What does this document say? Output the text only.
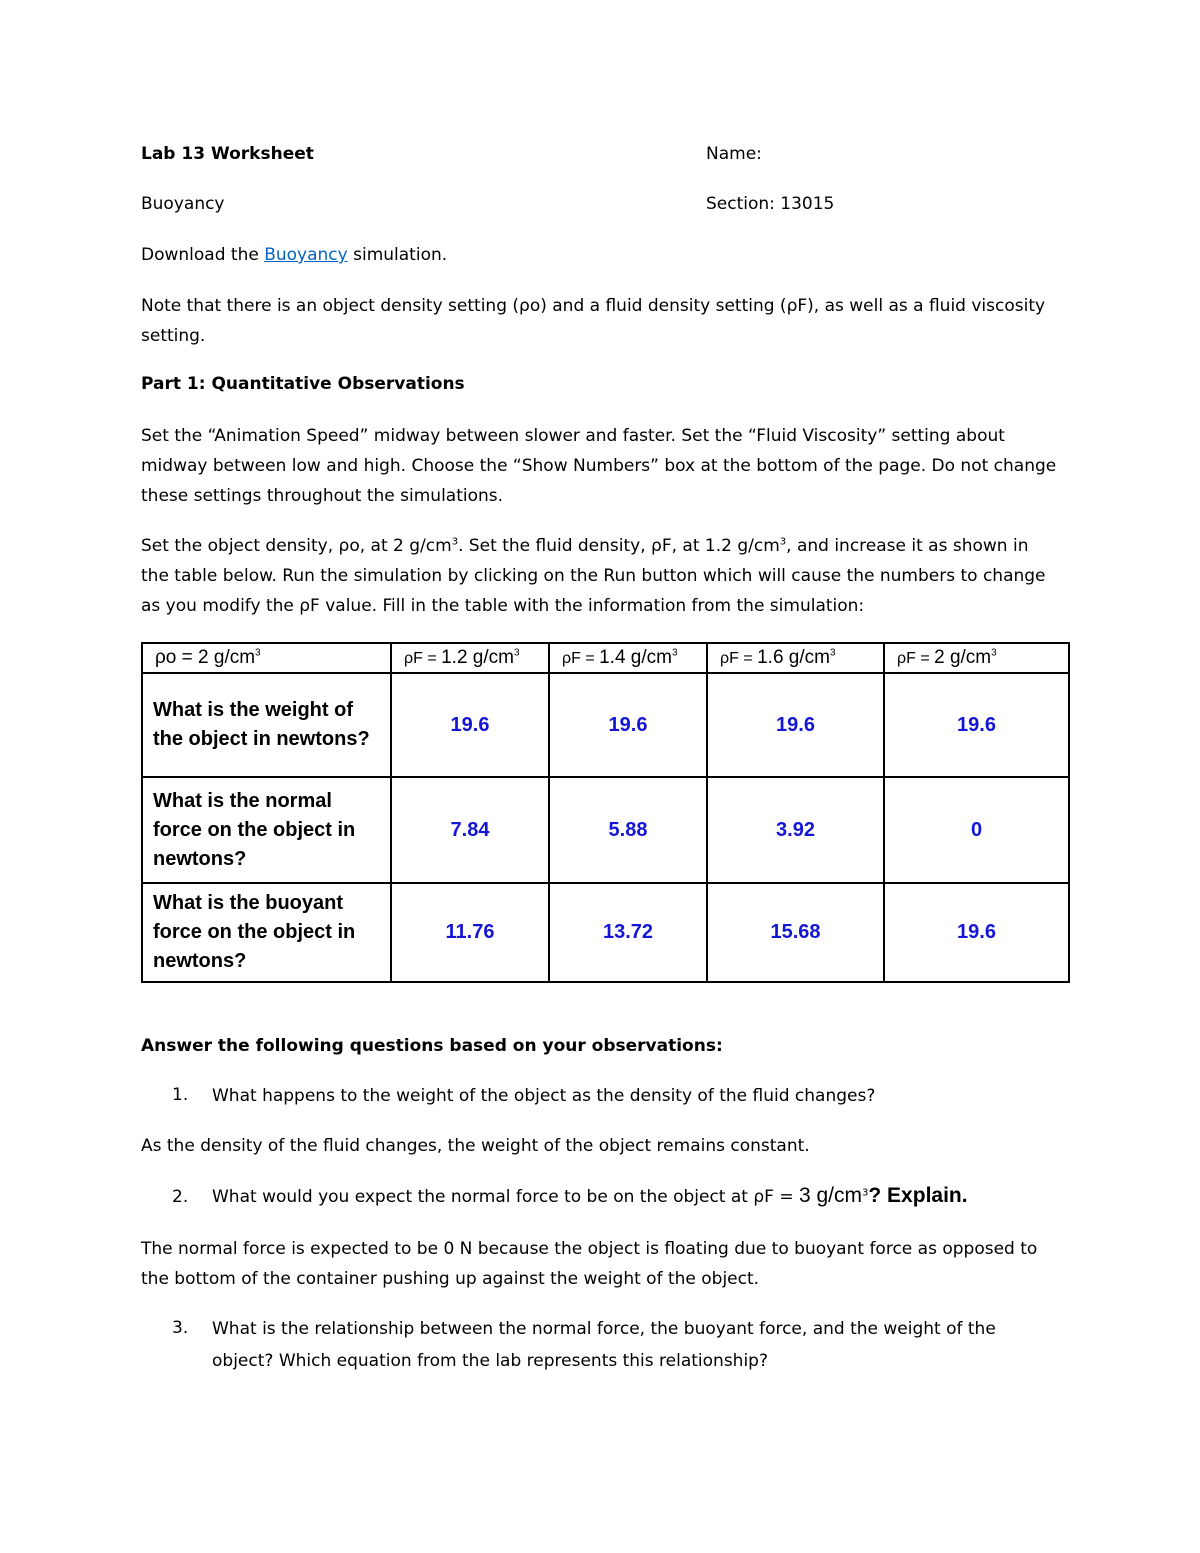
Lab 13 Worksheet	Name:
Buoyancy	Section: 13015
Download the Buoyancy simulation.
Note that there is an object density setting (ρo) and a fluid density setting (ρF), as well as a fluid viscosity setting.
Part 1: Quantitative Observations
Set the “Animation Speed” midway between slower and faster. Set the “Fluid Viscosity” setting about midway between low and high. Choose the “Show Numbers” box at the bottom of the page. Do not change these settings throughout the simulations.
Set the object density, ρo, at 2 $g/cm^3$. Set the fluid density, ρF, at 1.2 $g/cm^3$, and increase it as shown in the table below. Run the simulation by clicking on the Run button which will cause the numbers to change as you modify the ρF value. Fill in the table with the information from the simulation:
ρo = 2 $g/cm^3$	ρF = 1.2 $g/cm^3$	ρF = 1.4 $g/cm^3$	ρF = 1.6 $g/cm^3$	ρF = 2 $g/cm^3$
What is the weight of the object in newtons?	19.6	19.6	19.6	19.6
What is the normal force on the object in newtons?	7.84	5.88	3.92	0
What is the buoyant force on the object in newtons?	11.76	13.72	15.68	19.6
Answer the following questions based on your observations:
1. What happens to the weight of the object as the density of the fluid changes?
As the density of the fluid changes, the weight of the object remains constant.
2. What would you expect the normal force to be on the object at ρF = 3 $g/cm^3$? Explain.
The normal force is expected to be 0 N because the object is floating due to buoyant force as opposed to the bottom of the container pushing up against the weight of the object.
3. What is the relationship between the normal force, the buoyant force, and the weight of the object? Which equation from the lab represents this relationship?
